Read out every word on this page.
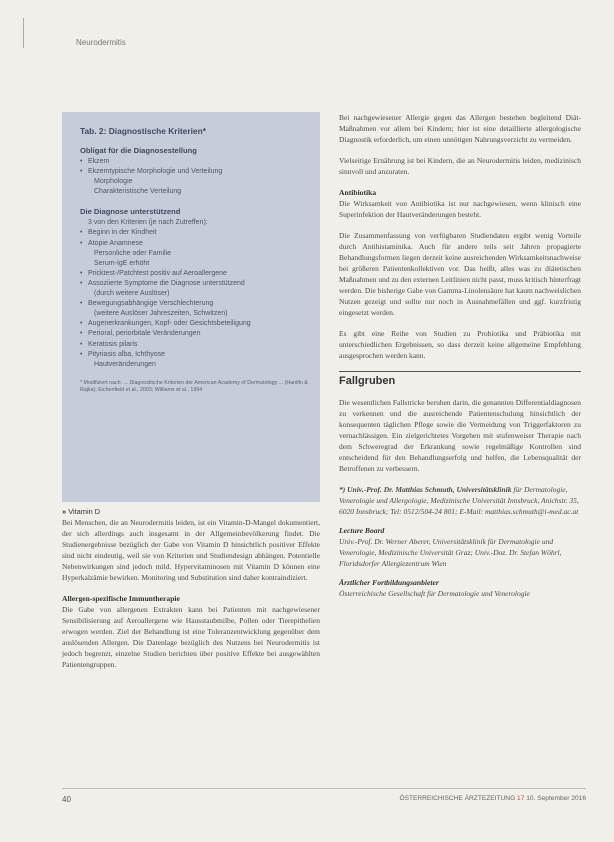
Neurodermitis
Tab. 2: Diagnostische Kriterien*
Obligat für die Diagnosestellung
• Ekzem
• Ekzemtypische Morphologie und Verteilung
Morphologie
Charakteristische Verteilung
Die Diagnose unterstützend
3 von den Kriterien (je nach Zutreffen):
• Beginn in der Kindheit
• Atopie Anamnese
Personliche oder Familie
Serum-IgE erhöht
• Pricktest-/Patchtest positiv auf Aeroallergene
• Assoziierte Symptome die Diagnose unterstützend
(durch weitere Auslöser)
• Bewegungsabhängige Verschlechterung
(weitere Auslöser Jahreszeiten, Schwitzen)
• Augenerkrankungen, Kopf- oder Gesichtsbeteiligung
• Perioral, periorbitale Veränderungen
• Keratosis pilaris
• Pityriasis alba, Ichthyose
Hautveränderungen
* Modifiziert nach: ... Diagnostische Kriterien der American Academy of Dermatology ... (Hanifin & Rajka); Eichenfield et al., 2003; Williams et al., 1994
» Vitamin D

Bei Menschen, die an Neurodermitis leiden, ist ein Vitamin-D-Mangel dokumentiert, der sich allerdings auch insgesamt in der Allgemeinbevölkerung findet. Die Studienergebnisse bezüglich der Gabe von Vitamin D hinsichtlich positiver Effekte sind nicht eindeutig, weil sie von Kriterien und Studiendesign abhängen. Potentielle Nebenwirkungen sind jedoch mild. Hypervitaminosen mit Vitamin D können eine Hyperkalzämie bewirken. Monitoring und Substitution sind daher kontraindiziert.

Allergen-spezifische Immuntherapie

Die Gabe von allergenen Extrakten kann bei Patienten mit nachgewiesener Sensibilisierung auf Aeroallergene wie Hausstaubmilbe, Pollen oder Tierepithelien erwogen werden. Ziel der Behandlung ist eine Toleranzentwicklung gegenüber dem auslösenden Allergen. Die Datenlage bezüglich des Nutzens bei Neurodermitis ist jedoch begrenzt, einzelne Studien berichten über positive Effekte bei ausgewählten Patientengruppen.

Bei nachgewiesener Allergie gegen das Allergen bestehen begleitend Diät-Maßnahmen vor allem bei Kindern; hier ist eine detaillierte allergologische Diagnostik erforderlich, um einen unnötigen Nahrungsverzicht zu vermeiden.

Vielseitige Ernährung ist bei Kindern, die an Neurodermitis leiden, medizinisch sinnvoll und anzuraten.

Antibiotika

Die Wirksamkeit von Antibiotika ist nur nachgewiesen, wenn klinisch eine Superinfektion der Hautveränderungen besteht.

Die Zusammenfassung von verfügbaren Studiendaten ergibt wenig Vorteile durch Antihistaminika. Auch für andere teils seit Jahren propagierte Behandlungsformen liegen derzeit keine ausreichenden Wirksamkeitsnachweise bei größeren Patientenkollektiven vor. Das heißt, alles was zu diätetischen Maßnahmen und zu den externen Leitlinien nicht passt, muss kritisch hinterfragt werden. Die bisherige Gabe von Gamma-Linolensäure hat kaum nachweislichen Nutzen gezeigt und sollte nur noch in Ausnahmefällen und ggf. kurzfristig eingesetzt werden.

Es gibt eine Reihe von Studien zu Probiotika und Präbiotika mit unterschiedlichen Ergebnissen, so dass derzeit keine allgemeine Empfehlung ausgesprochen werden kann.

Fallgruben

Die wesentlichen Fallstricke beruhen darin, die genannten Differentialdiagnosen zu verkennen und die ausreichende Patientenschulung hinsichtlich der konsequenten täglichen Pflege sowie die Vermeidung von Triggerfaktoren zu vernachlässigen. Ein zielgerichtetes Vorgehen mit stufenweiser Therapie nach dem Schweregrad der Erkrankung sowie regelmäßige Kontrollen sind entscheidend für den Behandlungserfolg und helfen, die Lebensqualität der Betroffenen zu verbessern.

*) Univ.-Prof. Dr. Matthias Schmuth, Universitätsklinik für Dermatologie, Venerologie und Allergologie, Medizinische Universität Innsbruck, Anichstr. 35, 6020 Innsbruck; Tel: 0512/504-24 801; E-Mail: matthias.schmuth@i-med.ac.at
Lecture Board
Univ.-Prof. Dr. Werner Aberer, Universitätsklinik für Dermatologie und Venerologie, Medizinische Universität Graz; Univ.-Doz. Dr. Stefan Wöhrl, Floridsdorfer Allergiezentrum Wien
Ärztlicher Fortbildungsanbieter
Österreichische Gesellschaft für Dermatologie und Venerologie
40	ÖSTERREICHISCHE ÄRZTEZEITUNG 17 10. September 2016
